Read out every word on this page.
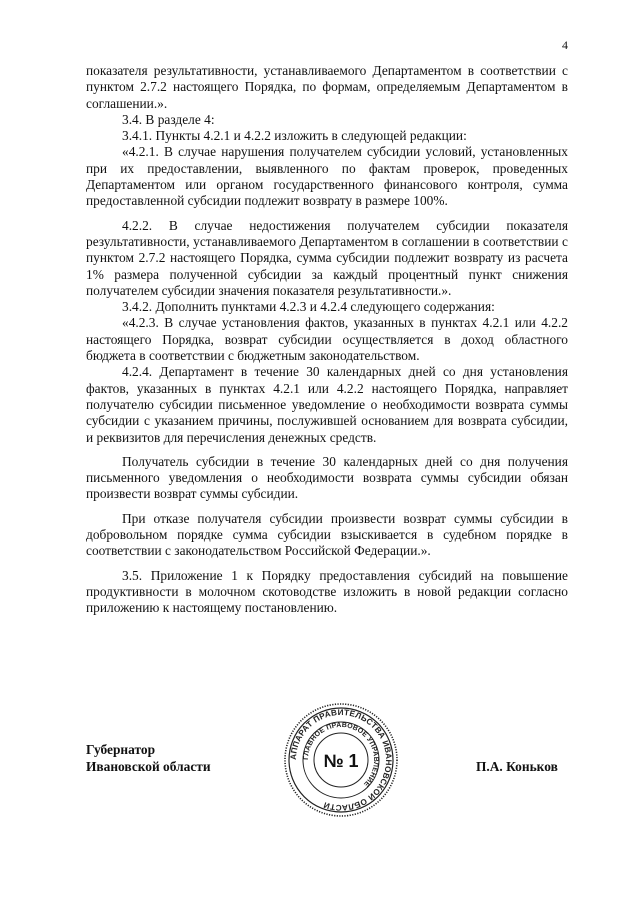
4

показателя результативности, устанавливаемого Департаментом в соответствии с пунктом 2.7.2 настоящего Порядка, по формам, определяемым Департаментом в соглашении.».

3.4. В разделе 4:

3.4.1. Пункты 4.2.1 и 4.2.2 изложить в следующей редакции:

«4.2.1. В случае нарушения получателем субсидии условий, установленных при их предоставлении, выявленного по фактам проверок, проведенных Департаментом или органом государственного финансового контроля, сумма предоставленной субсидии подлежит возврату в размере 100%.

4.2.2. В случае недостижения получателем субсидии показателя результативности, устанавливаемого Департаментом в соглашении в соответствии с пунктом 2.7.2 настоящего Порядка, сумма субсидии подлежит возврату из расчета 1% размера полученной субсидии за каждый процентный пункт снижения получателем субсидии значения показателя результативности.».

3.4.2. Дополнить пунктами 4.2.3 и 4.2.4 следующего содержания:

«4.2.3. В случае установления фактов, указанных в пунктах 4.2.1 или 4.2.2 настоящего Порядка, возврат субсидии осуществляется в доход областного бюджета в соответствии с бюджетным законодательством.

4.2.4. Департамент в течение 30 календарных дней со дня установления фактов, указанных в пунктах 4.2.1 или 4.2.2 настоящего Порядка, направляет получателю субсидии письменное уведомление о необходимости возврата суммы субсидии с указанием причины, послужившей основанием для возврата субсидии, и реквизитов для перечисления денежных средств.

Получатель субсидии в течение 30 календарных дней со дня получения письменного уведомления о необходимости возврата суммы субсидии обязан произвести возврат суммы субсидии.

При отказе получателя субсидии произвести возврат суммы субсидии в добровольном порядке сумма субсидии взыскивается в судебном порядке в соответствии с законодательством Российской Федерации.».

3.5. Приложение 1 к Порядку предоставления субсидий на повышение продуктивности в молочном скотоводстве изложить в новой редакции согласно приложению к настоящему постановлению.

Губернатор
Ивановской области	П.А. Коньков
АППАРАТ ПРАВИТЕЛЬСТВА ИВАНОВСКОЙ ОБЛАСТИ
ГЛАВНОЕ ПРАВОВОЕ УПРАВЛЕНИЕ
№ 1
